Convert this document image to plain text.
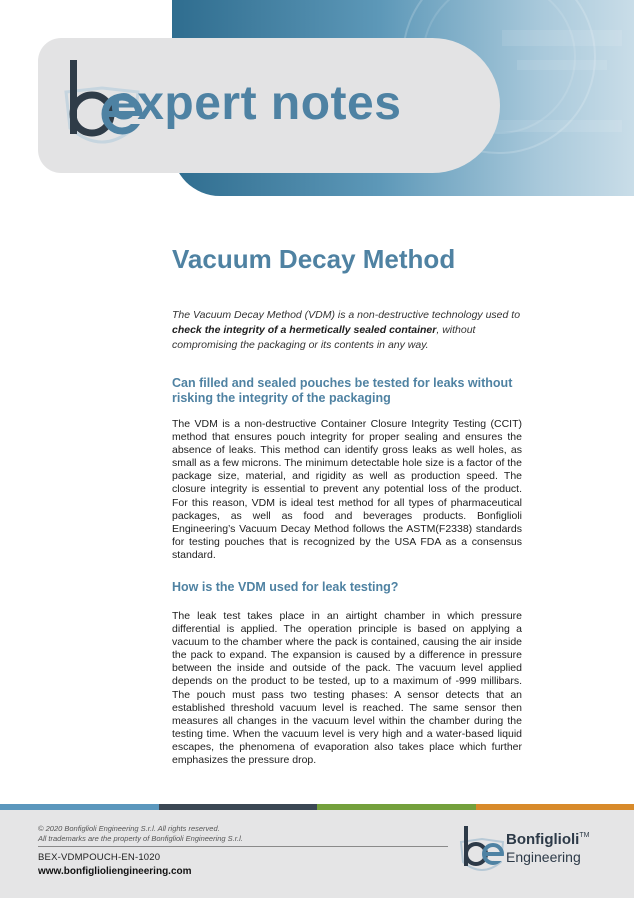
expert notes

Vacuum Decay Method

The Vacuum Decay Method (VDM) is a non-destructive technology used to check the integrity of a hermetically sealed container, without compromising the packaging or its contents in any way.

Can filled and sealed pouches be tested for leaks without risking the integrity of the packaging

The VDM is a non-destructive Container Closure Integrity Testing (CCIT) method that ensures pouch integrity for proper sealing and ensures the absence of leaks. This method can identify gross leaks as well holes, as small as a few microns. The minimum detectable hole size is a factor of the package size, material, and rigidity as well as production speed. The closure integrity is essential to prevent any potential loss of the product. For this reason, VDM is ideal test method for all types of pharmaceutical packages, as well as food and beverages products. Bonfiglioli Engineering’s Vacuum Decay Method follows the ASTM(F2338) standards for testing pouches that is recognized by the USA FDA as a consensus standard.

How is the VDM used for leak testing?

The leak test takes place in an airtight chamber in which pressure differential is applied. The operation principle is based on applying a vacuum to the chamber where the pack is contained, causing the air inside the pack to expand. The expansion is caused by a difference in pressure between the inside and outside of the pack. The vacuum level applied depends on the product to be tested, up to a maximum of -999 millibars. The pouch must pass two testing phases: A sensor detects that an established threshold vacuum level is reached. The same sensor then measures all changes in the vacuum level within the chamber during the testing time. When the vacuum level is very high and a water-based liquid escapes, the phenomena of evaporation also takes place which further emphasizes the pressure drop.

© 2020 Bonfiglioli Engineering S.r.l. All rights reserved.
All trademarks are the property of Bonfiglioli Engineering S.r.l.

BEX-VDMPOUCH-EN-1020

www.bonfiglioliengineering.com

Bonfiglioli™

Engineering
